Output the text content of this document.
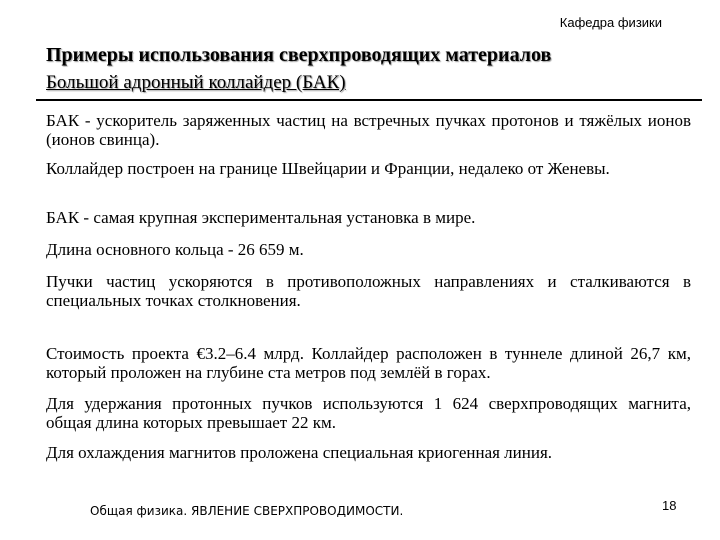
Кафедра физики
Примеры использования сверхпроводящих материалов
Большой адронный коллайдер (БАК)
БАК - ускоритель заряженных частиц на встречных пучках протонов и тяжёлых ионов (ионов свинца).
Коллайдер построен на границе Швейцарии и Франции, недалеко от Женевы.
БАК - самая крупная экспериментальная установка в мире.
Длина основного кольца - 26 659 м.
Пучки частиц ускоряются в противоположных направлениях и сталкиваются в специальных точках столкновения.
Стоимость проекта €3.2–6.4 млрд. Коллайдер расположен в туннеле длиной 26,7 км, который проложен на глубине ста метров под землёй в горах.
Для удержания протонных пучков используются 1 624 сверхпроводящих магнита, общая длина которых превышает 22 км.
Для охлаждения магнитов проложена специальная криогенная линия.
Общая физика. ЯВЛЕНИЕ СВЕРХПРОВОДИМОСТИ.	18
